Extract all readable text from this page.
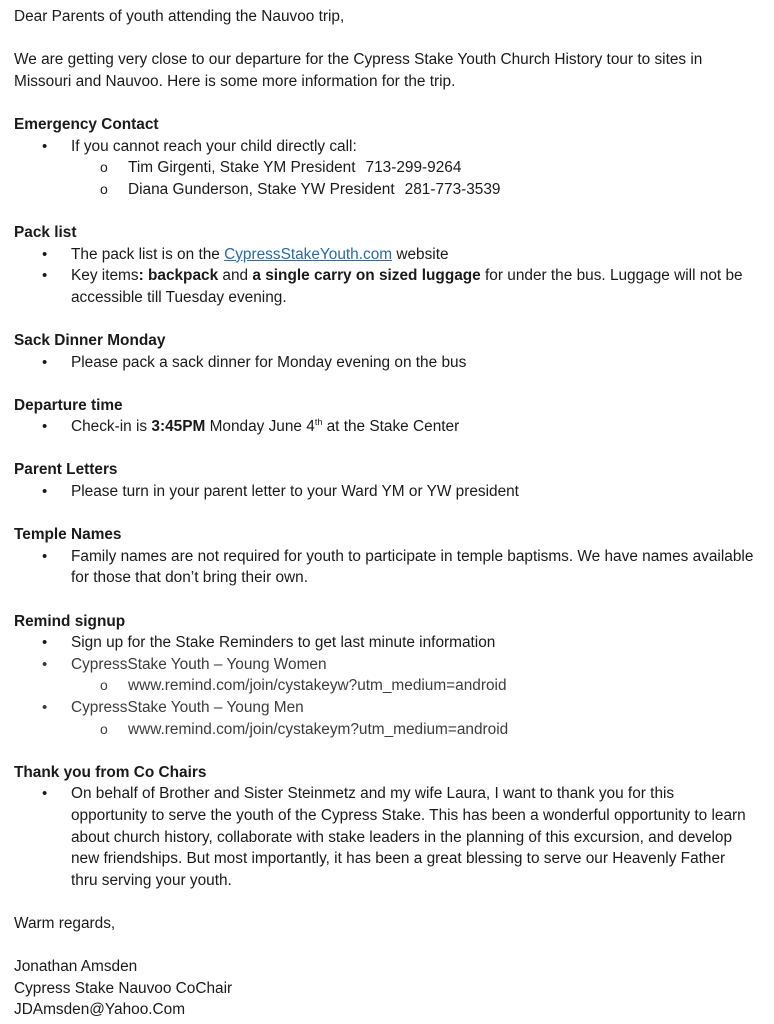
Dear Parents of youth attending the Nauvoo trip,

We are getting very close to our departure for the Cypress Stake Youth Church History tour to sites in Missouri and Nauvoo. Here is some more information for the trip.

Emergency Contact

• If you cannot reach your child directly call:
o Tim Girgenti, Stake YM President 713-299-9264
o Diana Gunderson, Stake YW President 281-773-3539

Pack list

• The pack list is on the CypressStakeYouth.com website
• Key items: backpack and a single carry on sized luggage for under the bus. Luggage will not be accessible till Tuesday evening.

Sack Dinner Monday

• Please pack a sack dinner for Monday evening on the bus

Departure time

• Check-in is 3:45PM Monday June 4th at the Stake Center

Parent Letters

• Please turn in your parent letter to your Ward YM or YW president

Temple Names

• Family names are not required for youth to participate in temple baptisms. We have names available for those that don’t bring their own.

Remind signup

• Sign up for the Stake Reminders to get last minute information
• CypressStake Youth – Young Women
o www.remind.com/join/cystakeyw?utm_medium=android
• CypressStake Youth – Young Men
o www.remind.com/join/cystakeym?utm_medium=android

Thank you from Co Chairs

• On behalf of Brother and Sister Steinmetz and my wife Laura, I want to thank you for this opportunity to serve the youth of the Cypress Stake. This has been a wonderful opportunity to learn about church history, collaborate with stake leaders in the planning of this excursion, and develop new friendships. But most importantly, it has been a great blessing to serve our Heavenly Father thru serving your youth.

Warm regards,

Jonathan Amsden

Cypress Stake Nauvoo CoChair

JDAmsden@Yahoo.Com
